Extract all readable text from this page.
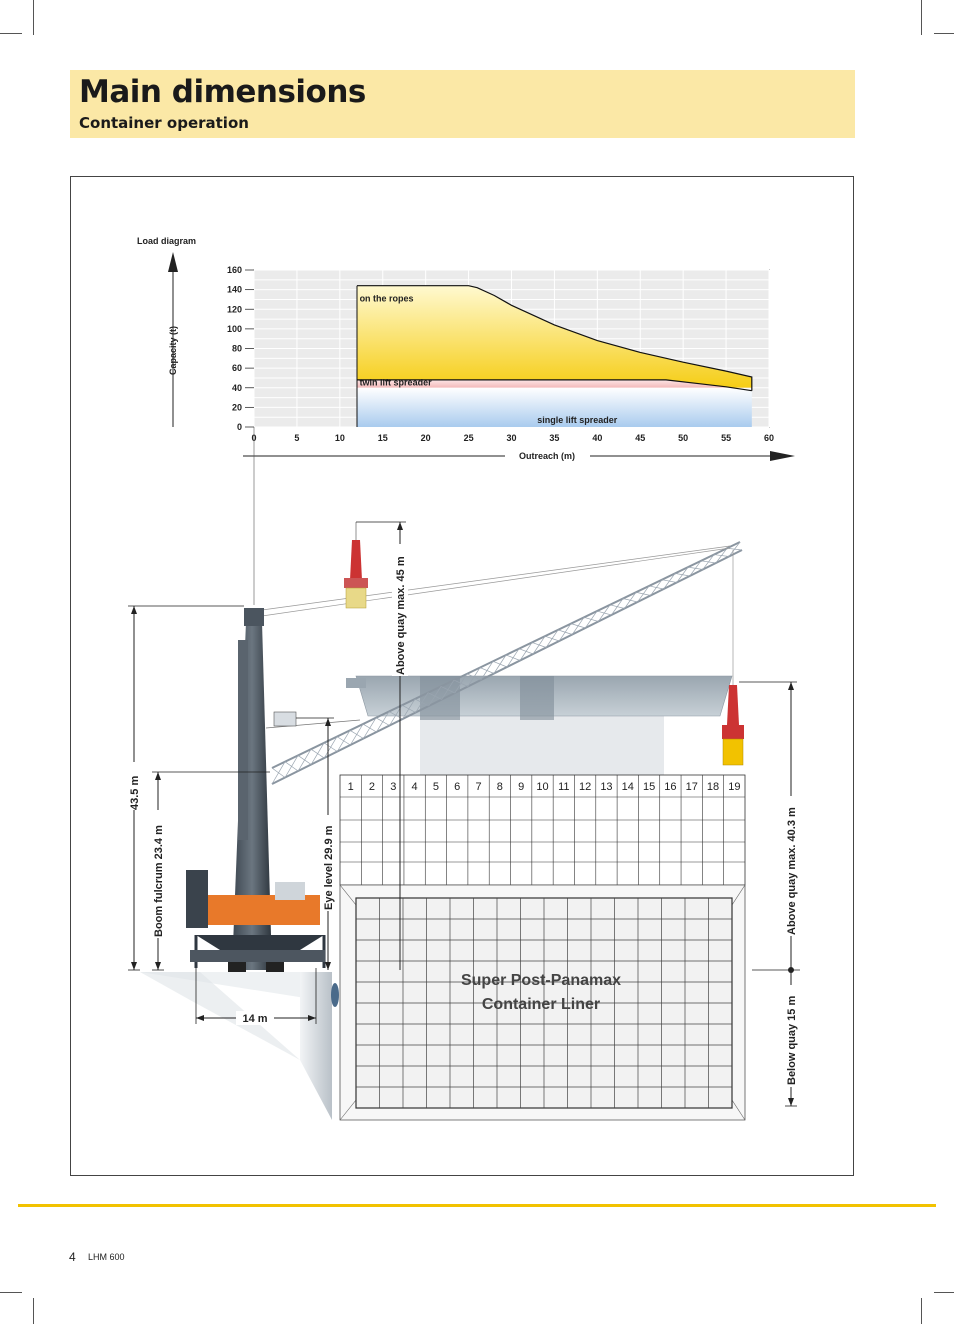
Main dimensions
Container operation
Load diagram
Capacity (t)
on the ropes
twin lift spreader
single lift spreader
0
20
40
60
80
100
120
140
160
0	5	10	15	20	25	30	35	40	45	50	55	60
Outreach (m)
1 2 3 4 5 6 7 8 9 10 11 12 13 14 15 16 17 18 19
Super Post-Panamax
Container Liner
43.5 m
Boom fulcrum 23.4 m	Eye level 29.9 m
Above quay max. 45 m
Above quay max. 40.3 m
Below quay 15 m
14 m
4 LHM 600
